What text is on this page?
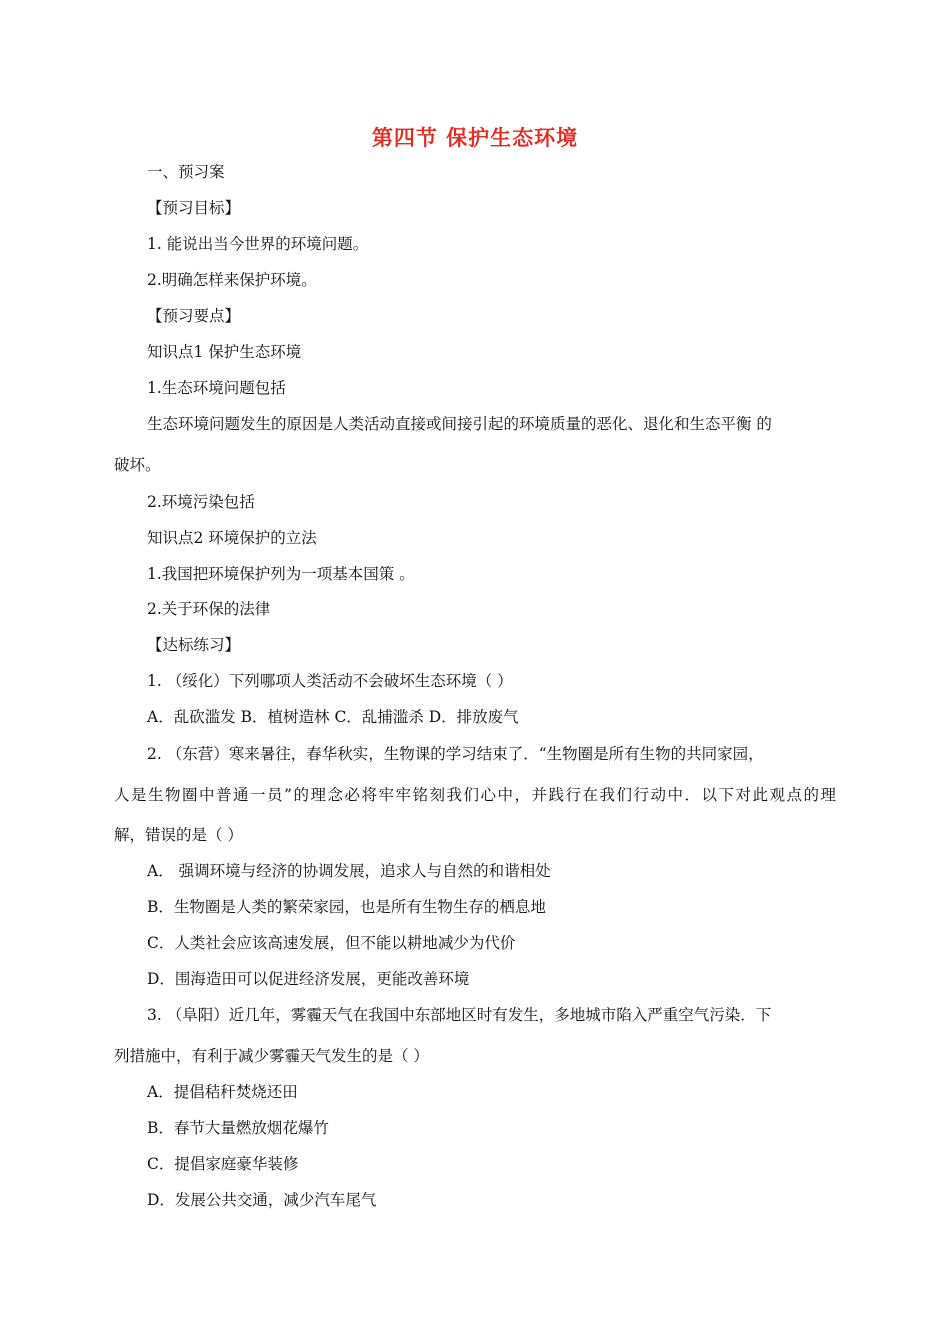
第四节 保护生态环境
一、预习案
【预习目标】
1. 能说出当今世界的环境问题。
2.明确怎样来保护环境。
【预习要点】
知识点1 保护生态环境
1.生态环境问题包括
生态环境问题发生的原因是人类活动直接或间接引起的环境质量的恶化、退化和生态平衡 的
破坏。
2.环境污染包括
知识点2 环境保护的立法
1.我国把环境保护列为一项基本国策 。
2.关于环保的法律
【达标练习】
1. （绥化）下列哪项人类活动不会破坏生态环境（ ）
A．乱砍滥发 B．植树造林 C．乱捕滥杀 D．排放废气
2. （东营）寒来暑往，春华秋实，生物课的学习结束了．“生物圈是所有生物的共同家园，
人是生物圈中普通一员”的理念必将牢牢铭刻我们心中，并践行在我们行动中．以下对此观点的理
解，错误的是（ ）
A． 强调环境与经济的协调发展，追求人与自然的和谐相处
B．生物圈是人类的繁荣家园，也是所有生物生存的栖息地
C．人类社会应该高速发展，但不能以耕地减少为代价
D．围海造田可以促进经济发展，更能改善环境
3. （阜阳）近几年，雾霾天气在我国中东部地区时有发生，多地城市陷入严重空气污染．下
列措施中，有利于减少雾霾天气发生的是（ ）
A．提倡秸秆焚烧还田
B．春节大量燃放烟花爆竹
C．提倡家庭豪华装修
D．发展公共交通，减少汽车尾气
